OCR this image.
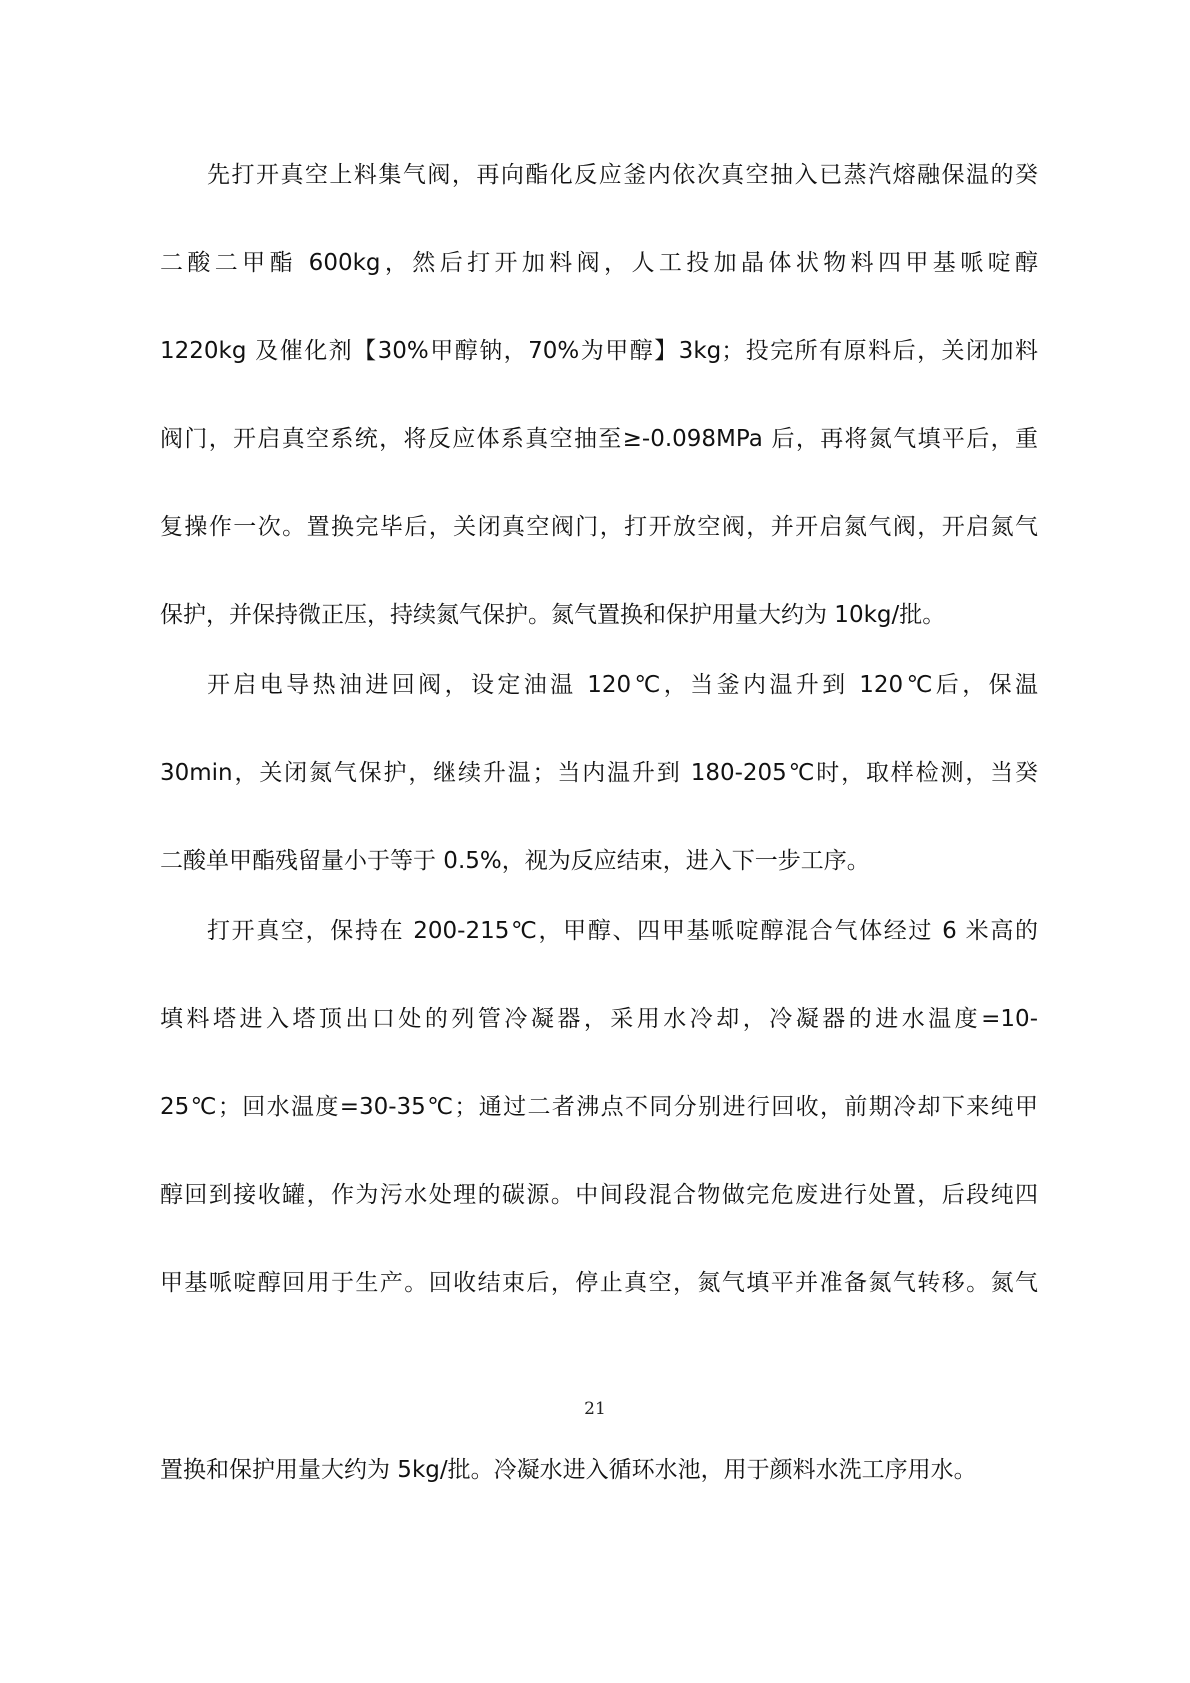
先打开真空上料集气阀，再向酯化反应釜内依次真空抽入已蒸汽熔融保温的癸
二酸二甲酯 600kg，然后打开加料阀，人工投加晶体状物料四甲基哌啶醇
1220kg 及催化剂【30%甲醇钠，70%为甲醇】3kg；投完所有原料后，关闭加料
阀门，开启真空系统，将反应体系真空抽至≥-0.098MPa 后，再将氮气填平后，重
复操作一次。置换完毕后，关闭真空阀门，打开放空阀，并开启氮气阀，开启氮气
保护，并保持微正压，持续氮气保护。氮气置换和保护用量大约为 10kg/批。
开启电导热油进回阀，设定油温 120℃，当釜内温升到 120℃后，保温
30min，关闭氮气保护，继续升温；当内温升到 180-205℃时，取样检测，当癸
二酸单甲酯残留量小于等于 0.5%，视为反应结束，进入下一步工序。
打开真空，保持在 200-215℃，甲醇、四甲基哌啶醇混合气体经过 6 米高的
填料塔进入塔顶出口处的列管冷凝器，采用水冷却，冷凝器的进水温度=10-
25℃；回水温度=30-35℃；通过二者沸点不同分别进行回收，前期冷却下来纯甲
醇回到接收罐，作为污水处理的碳源。中间段混合物做完危废进行处置，后段纯四
甲基哌啶醇回用于生产。回收结束后，停止真空，氮气填平并准备氮气转移。氮气
21
置换和保护用量大约为 5kg/批。冷凝水进入循环水池，用于颜料水洗工序用水。
